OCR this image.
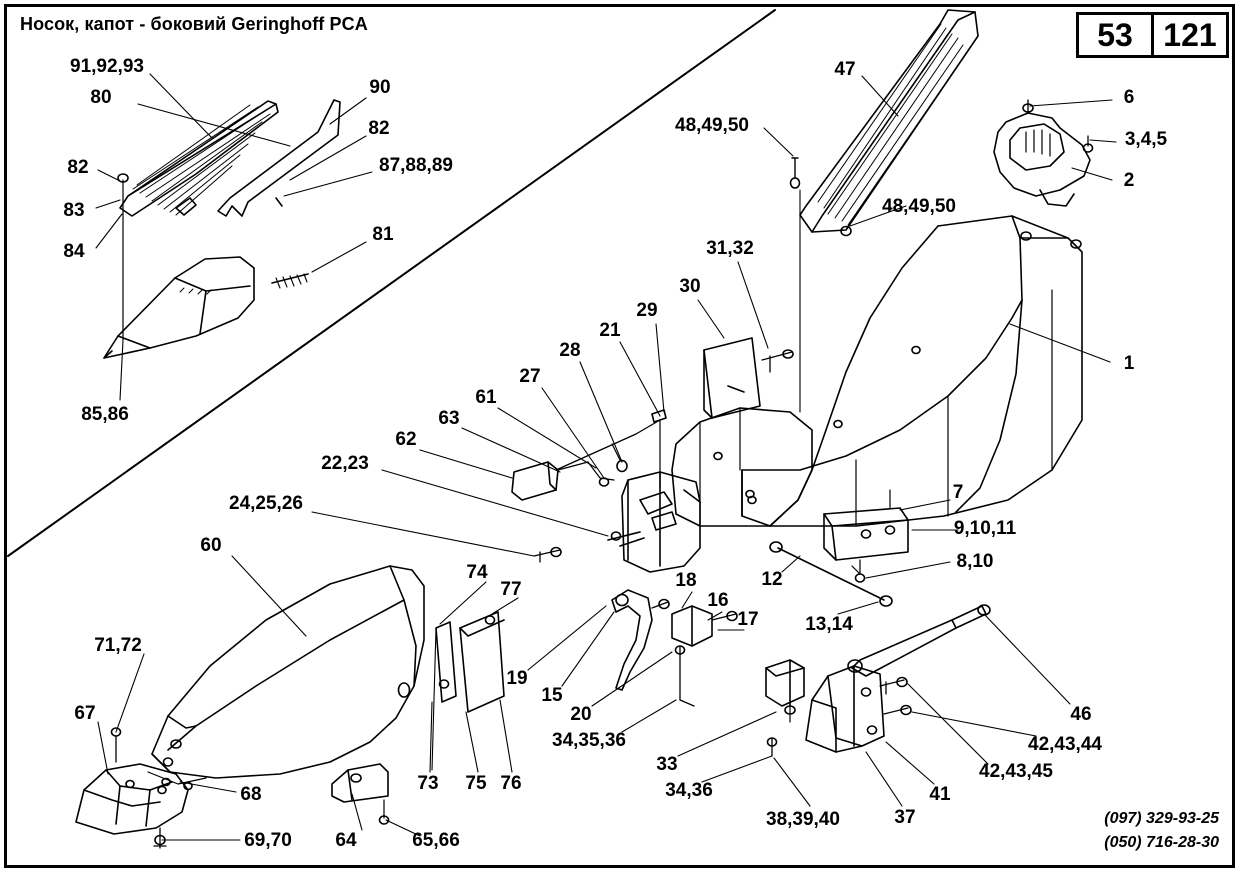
Носок, капот - боковий Geringhoff PCA	53 121
91,92,93
80	90
82
87,88,89
82
83
84
81
85,86
47
48,49,50
48,49,50
6
3,4,5
2
1
31,32
30
29
21
28
27
61
63
62
22,23
24,25,26
60
74
77
71,72
67
68
69,70 64	65,66
73 75 76
19
15
20
34,35,36
33
34,36
18
16
17
12
13,14
7
9,10,11
8,10
46
42,43,44
42,43,45
41
37
38,39,40	(097) 329-93-25
(050) 716-28-30
